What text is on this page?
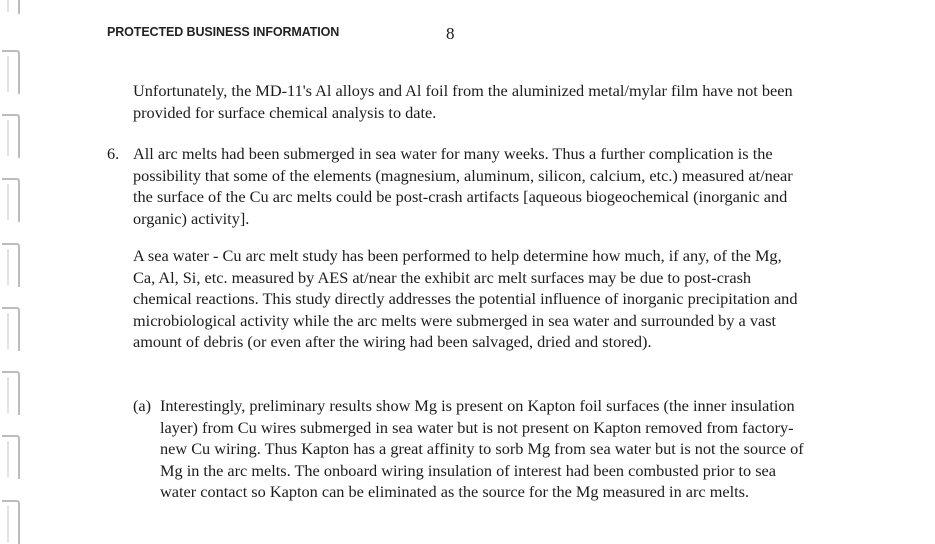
PROTECTED BUSINESS INFORMATION	8
Unfortunately, the MD-11's Al alloys and Al foil from the aluminized metal/mylar film have not been provided for surface chemical analysis to date.
6. All arc melts had been submerged in sea water for many weeks. Thus a further complication is the possibility that some of the elements (magnesium, aluminum, silicon, calcium, etc.) measured at/near the surface of the Cu arc melts could be post-crash artifacts [aqueous biogeochemical (inorganic and organic) activity].
A sea water - Cu arc melt study has been performed to help determine how much, if any, of the Mg, Ca, Al, Si, etc. measured by AES at/near the exhibit arc melt surfaces may be due to post-crash chemical reactions. This study directly addresses the potential influence of inorganic precipitation and microbiological activity while the arc melts were submerged in sea water and surrounded by a vast amount of debris (or even after the wiring had been salvaged, dried and stored).
(a) Interestingly, preliminary results show Mg is present on Kapton foil surfaces (the inner insulation layer) from Cu wires submerged in sea water but is not present on Kapton removed from factory-new Cu wiring. Thus Kapton has a great affinity to sorb Mg from sea water but is not the source of Mg in the arc melts. The onboard wiring insulation of interest had been combusted prior to sea water contact so Kapton can be eliminated as the source for the Mg measured in arc melts.
